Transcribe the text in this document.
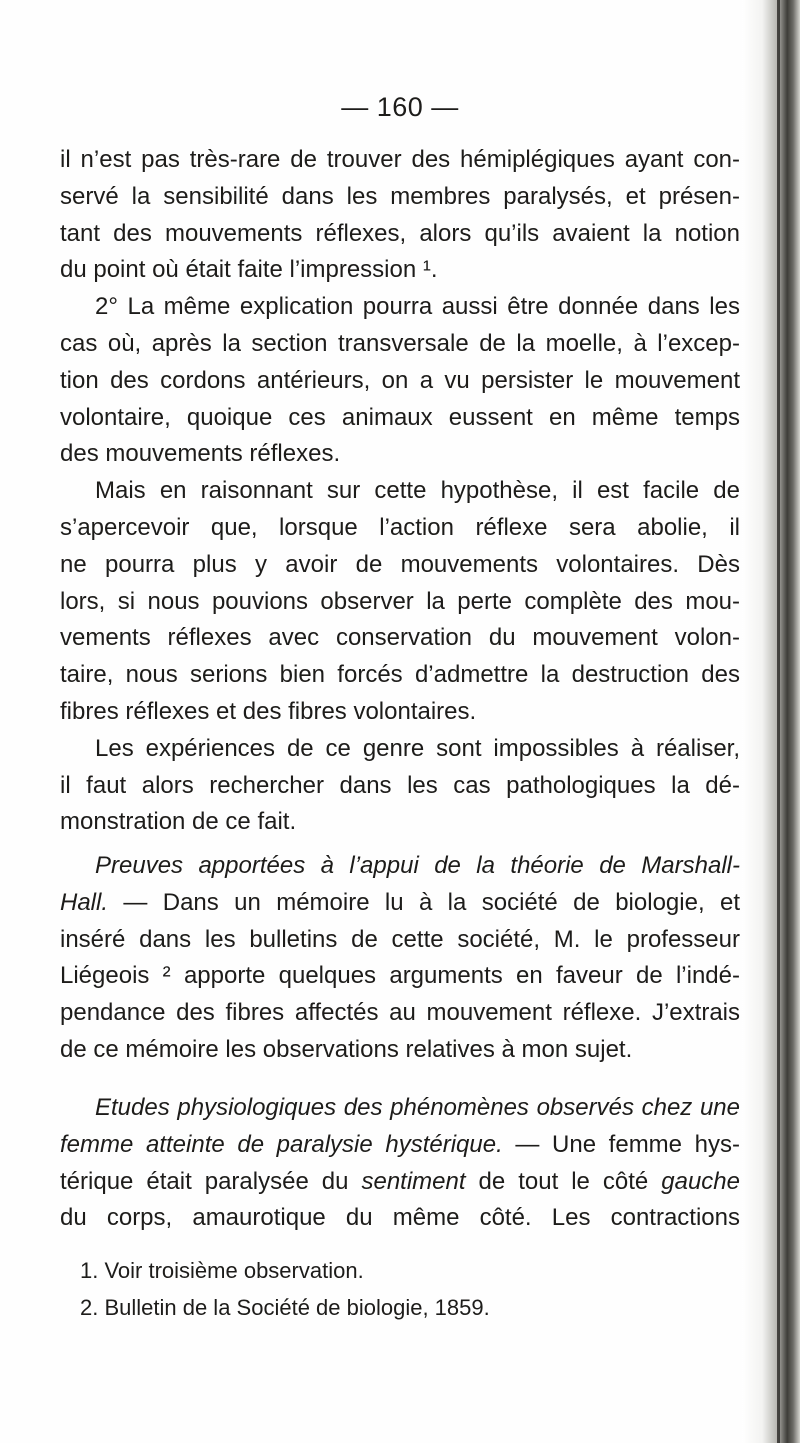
— 160 —
il n’est pas très-rare de trouver des hémiplégiques ayant con-
servé la sensibilité dans les membres paralysés, et présen-
tant des mouvements réflexes, alors qu’ils avaient la notion
du point où était faite l’impression ¹.
2° La même explication pourra aussi être donnée dans les
cas où, après la section transversale de la moelle, à l’excep-
tion des cordons antérieurs, on a vu persister le mouvement
volontaire, quoique ces animaux eussent en même temps
des mouvements réflexes.
Mais en raisonnant sur cette hypothèse, il est facile de
s’apercevoir que, lorsque l’action réflexe sera abolie, il
ne pourra plus y avoir de mouvements volontaires. Dès
lors, si nous pouvions observer la perte complète des mou-
vements réflexes avec conservation du mouvement volon-
taire, nous serions bien forcés d’admettre la destruction des
fibres réflexes et des fibres volontaires.
Les expériences de ce genre sont impossibles à réaliser,
il faut alors rechercher dans les cas pathologiques la dé-
monstration de ce fait.
Preuves apportées à l’appui de la théorie de Marshall-
Hall. — Dans un mémoire lu à la société de biologie, et
inséré dans les bulletins de cette société, M. le professeur
Liégeois ² apporte quelques arguments en faveur de l’indé-
pendance des fibres affectés au mouvement réflexe. J’extrais
de ce mémoire les observations relatives à mon sujet.
Etudes physiologiques des phénomènes observés chez une
femme atteinte de paralysie hystérique. — Une femme hys-
térique était paralysée du sentiment de tout le côté gauche
du corps, amaurotique du même côté. Les contractions
1. Voir troisième observation.
2. Bulletin de la Société de biologie, 1859.
